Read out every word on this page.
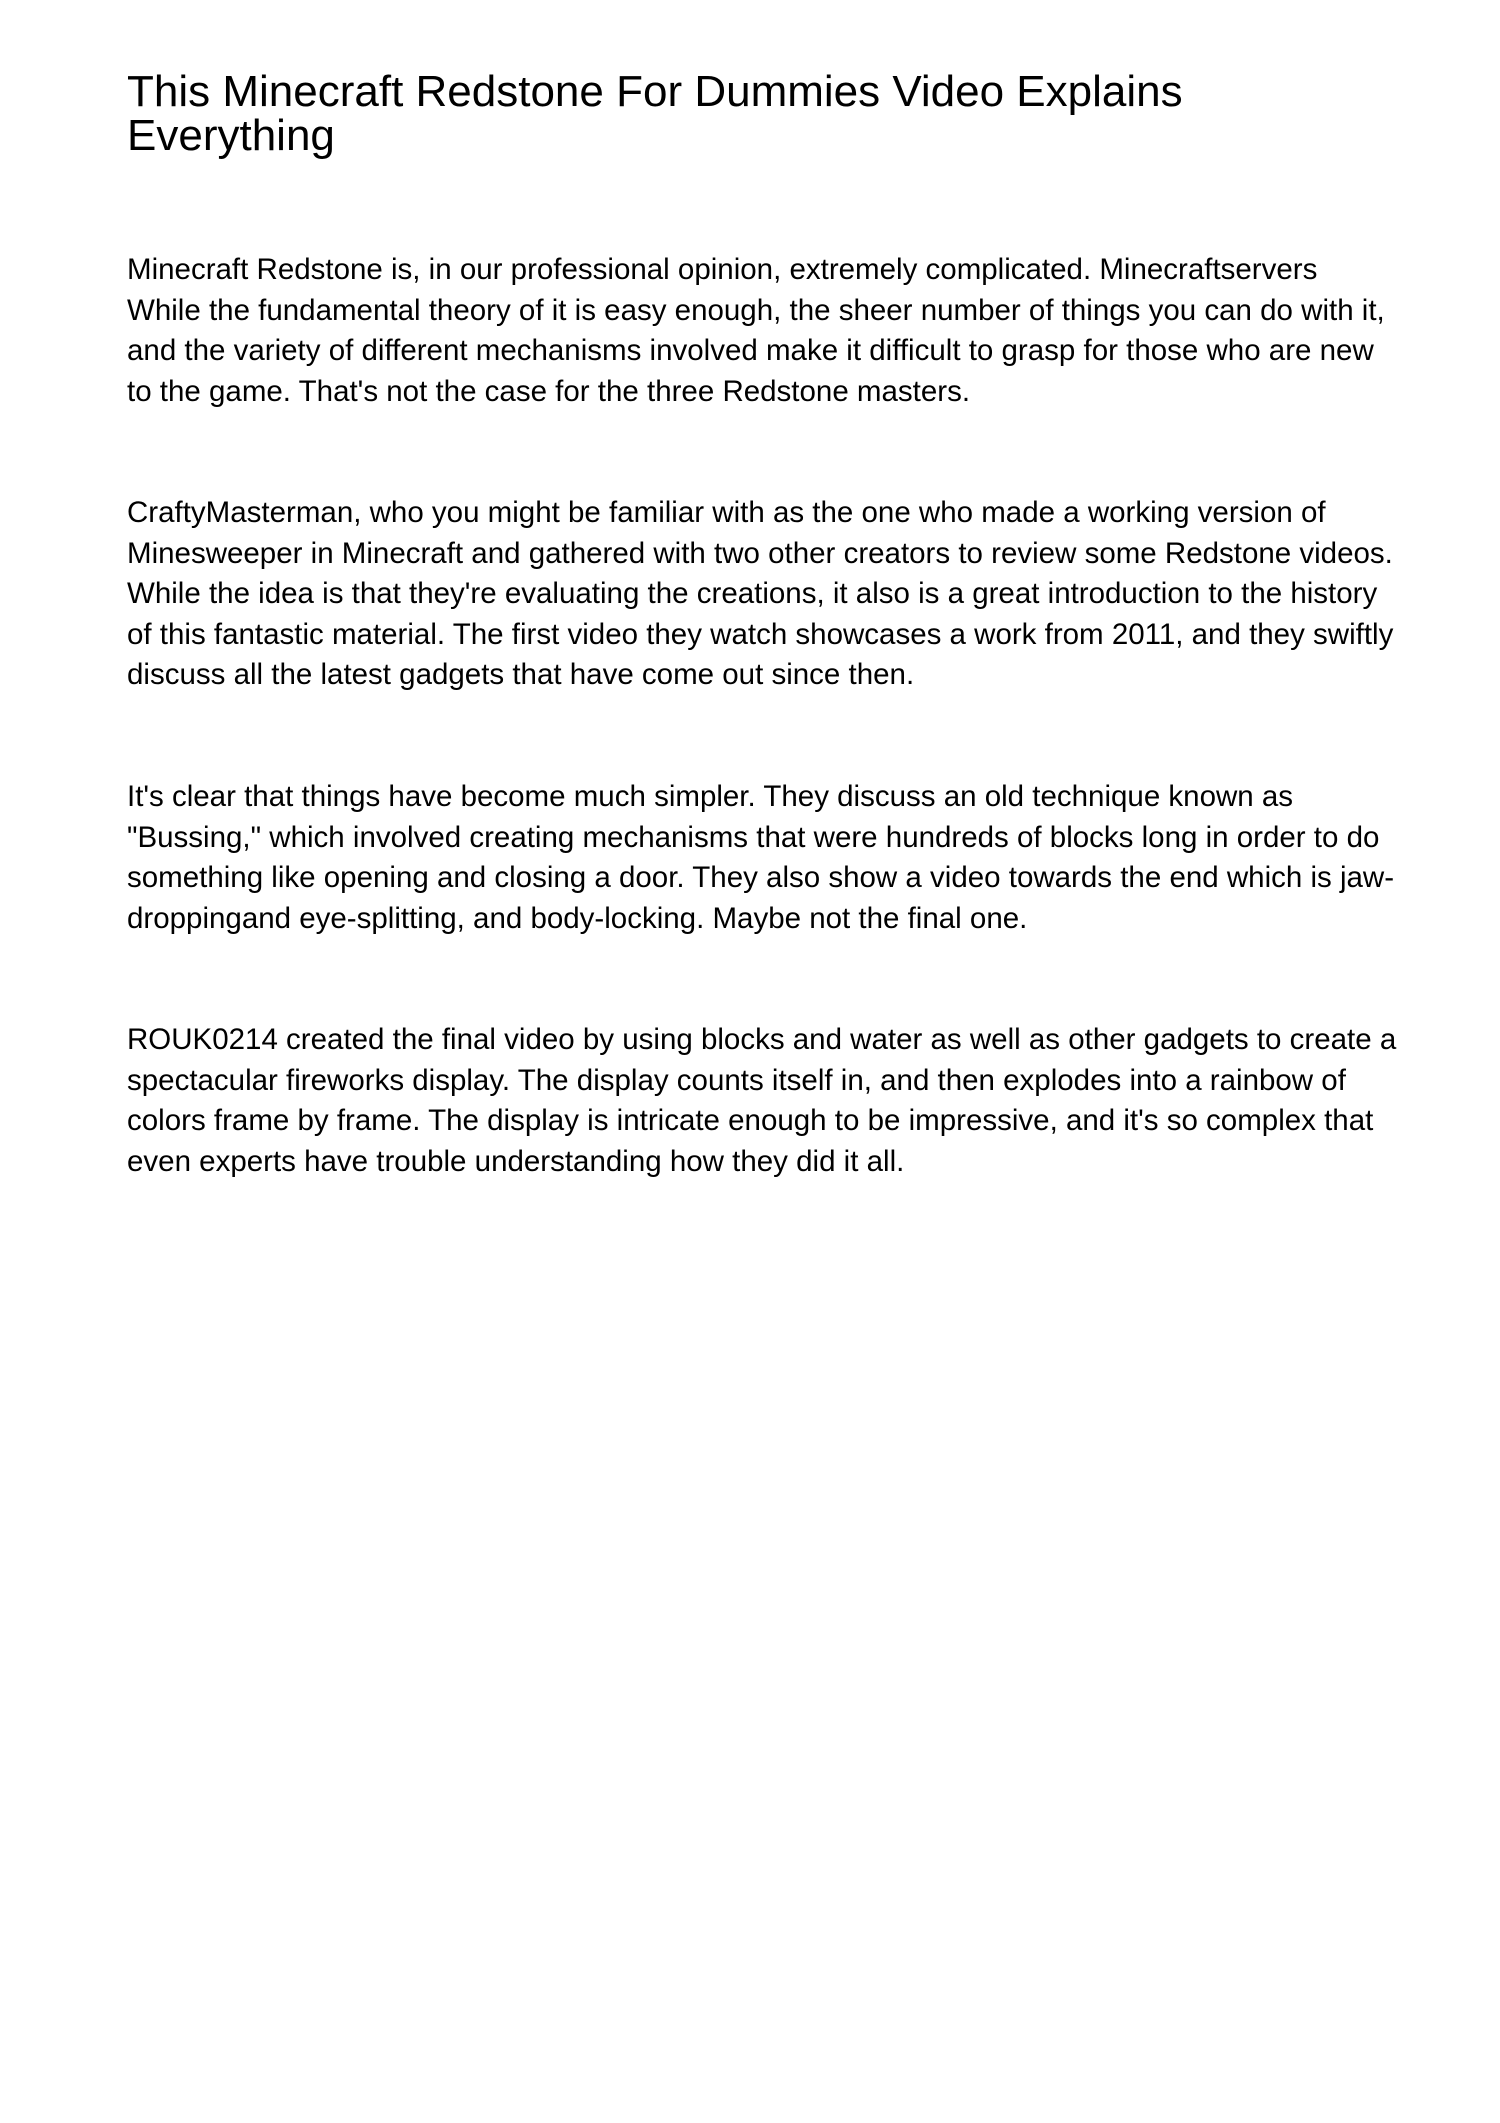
This Minecraft Redstone For Dummies Video Explains Everything

Minecraft Redstone is, in our professional opinion, extremely complicated. Minecraftservers While the fundamental theory of it is easy enough, the sheer number of things you can do with it, and the variety of different mechanisms involved make it difficult to grasp for those who are new to the game. That's not the case for the three Redstone masters.

CraftyMasterman, who you might be familiar with as the one who made a working version of Minesweeper in Minecraft and gathered with two other creators to review some Redstone videos. While the idea is that they're evaluating the creations, it also is a great introduction to the history of this fantastic material. The first video they watch showcases a work from 2011, and they swiftly discuss all the latest gadgets that have come out since then.

It's clear that things have become much simpler. They discuss an old technique known as "Bussing," which involved creating mechanisms that were hundreds of blocks long in order to do something like opening and closing a door. They also show a video towards the end which is jaw-droppingand eye-splitting, and body-locking. Maybe not the final one.

ROUK0214 created the final video by using blocks and water as well as other gadgets to create a spectacular fireworks display. The display counts itself in, and then explodes into a rainbow of colors frame by frame. The display is intricate enough to be impressive, and it's so complex that even experts have trouble understanding how they did it all.
